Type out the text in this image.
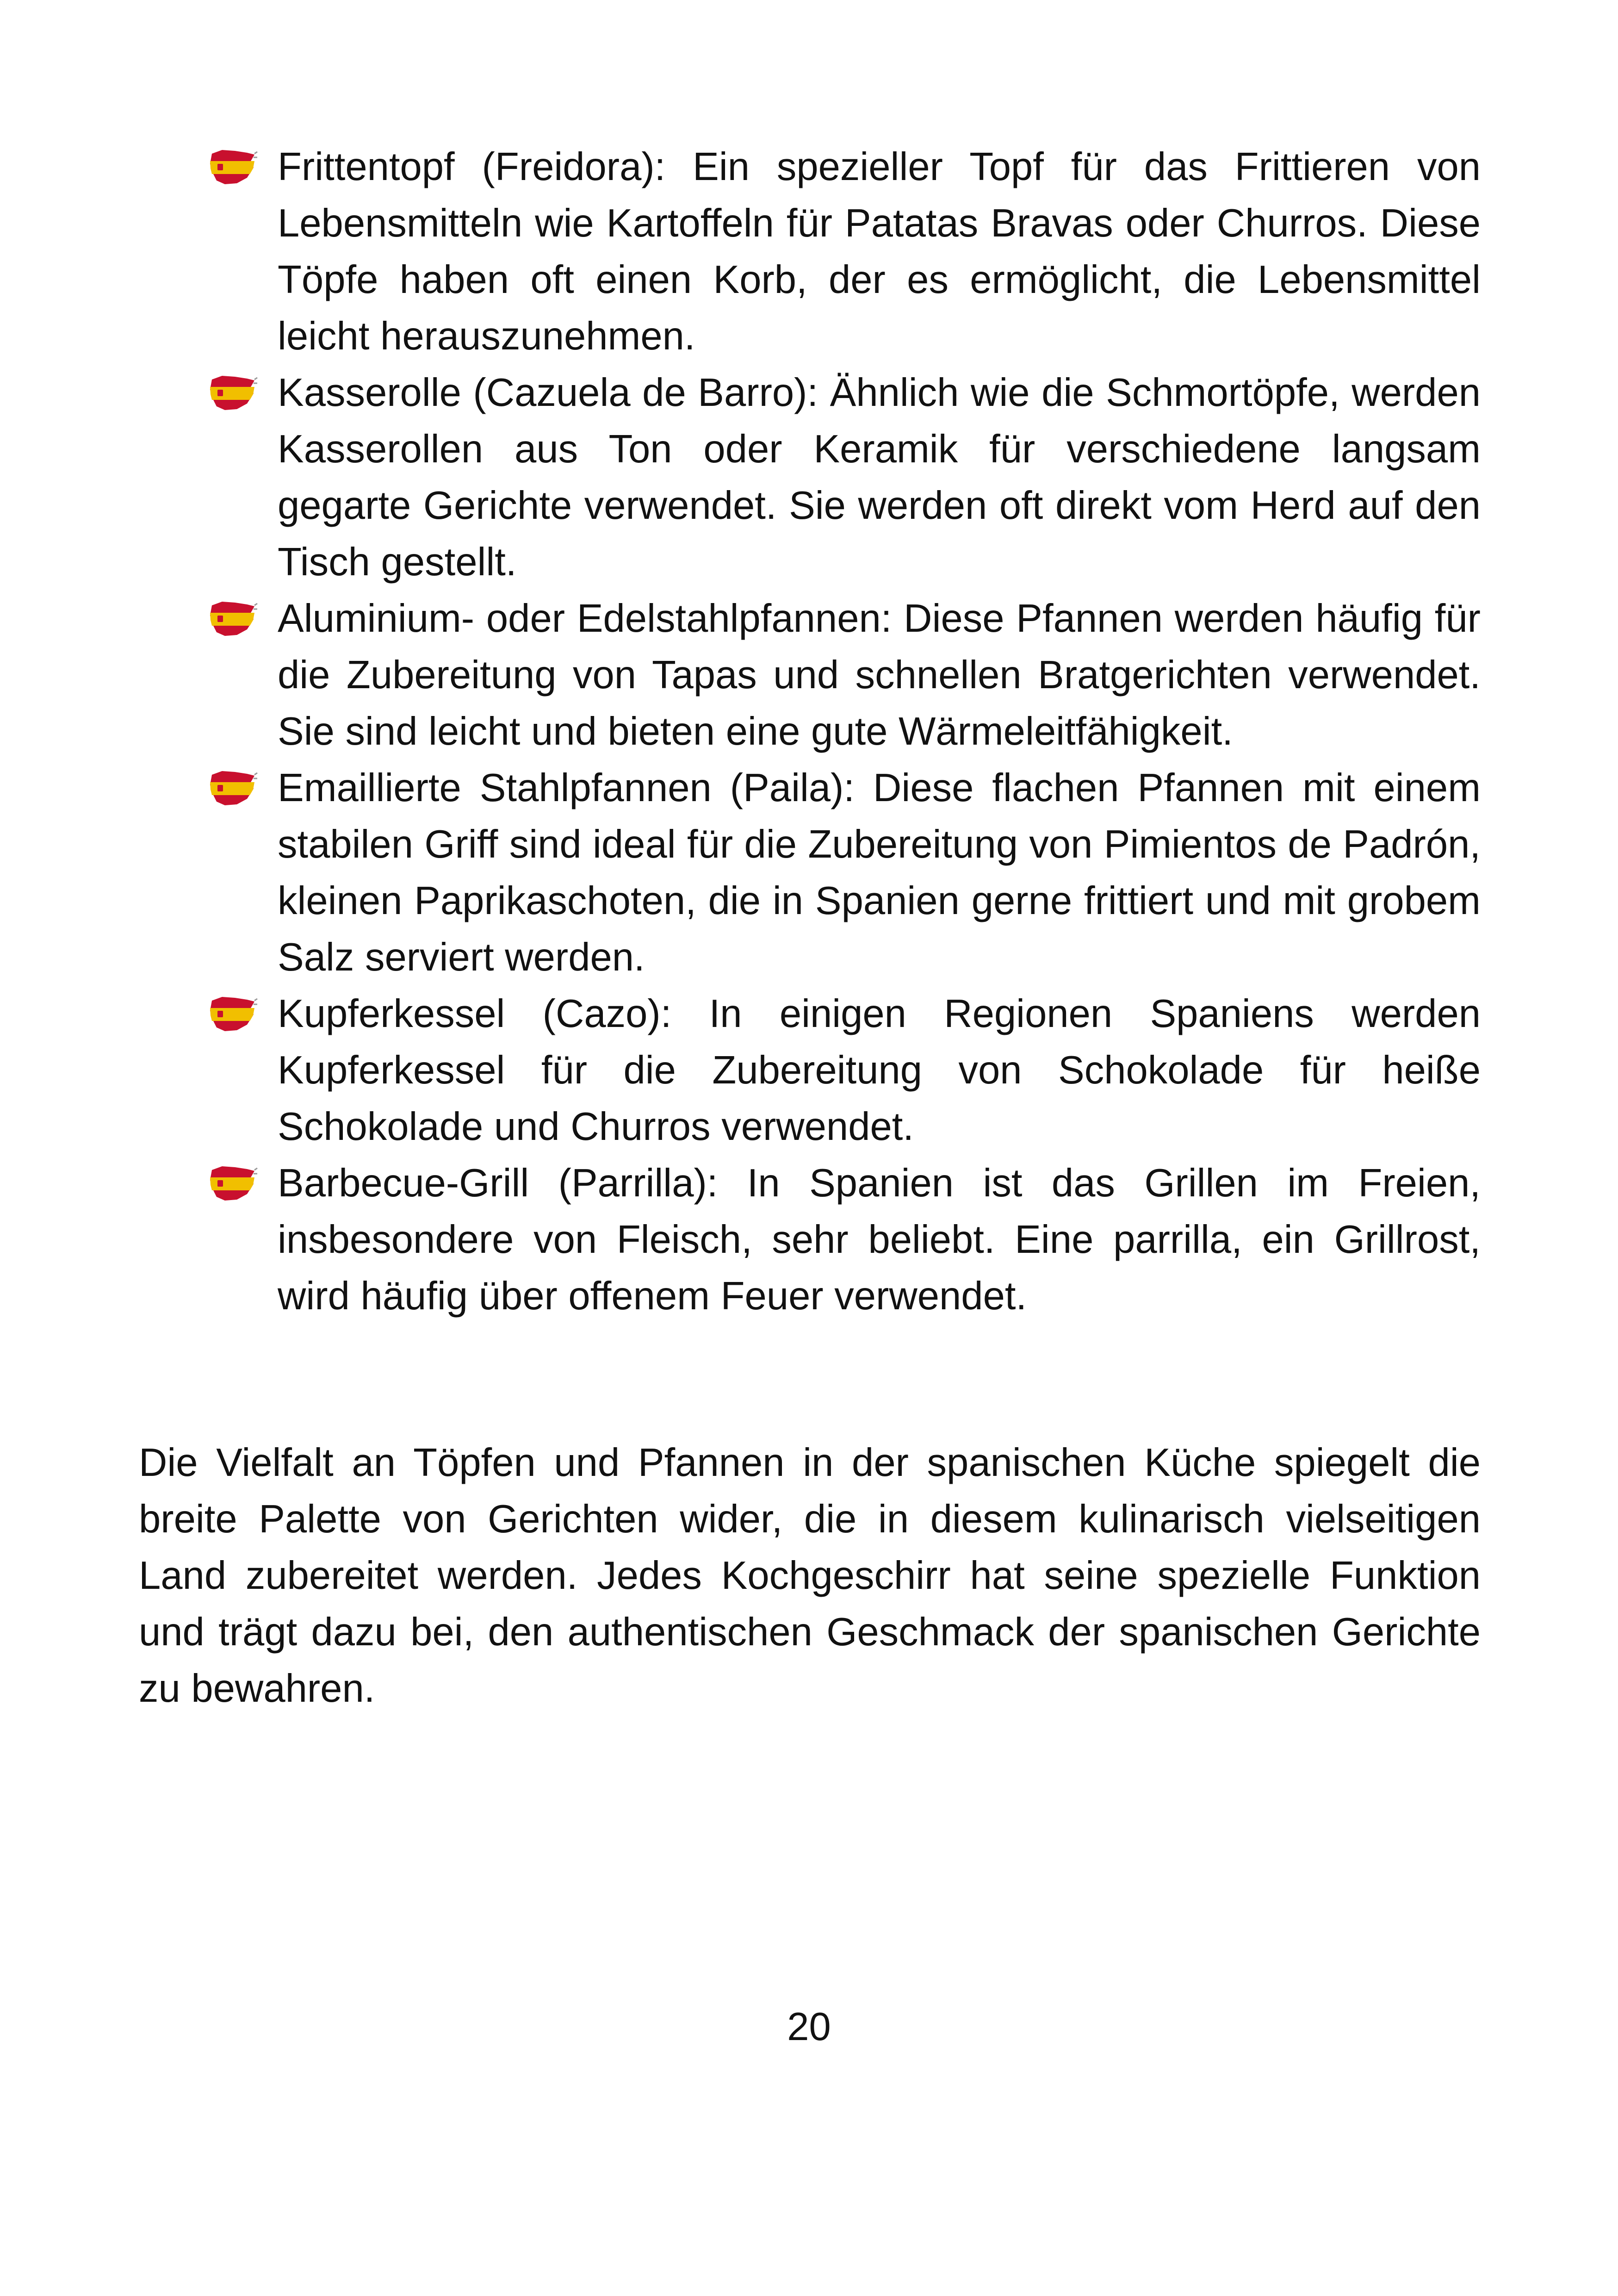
Frittentopf (Freidora): Ein spezieller Topf für das Frittieren von Lebensmitteln wie Kartoffeln für Patatas Bravas oder Churros. Diese Töpfe haben oft einen Korb, der es ermöglicht, die Lebensmittel leicht herauszunehmen.
Kasserolle (Cazuela de Barro): Ähnlich wie die Schmortöpfe, werden Kasserollen aus Ton oder Keramik für verschiedene langsam gegarte Gerichte verwendet. Sie werden oft direkt vom Herd auf den Tisch gestellt.
Aluminium- oder Edelstahlpfannen: Diese Pfannen werden häufig für die Zubereitung von Tapas und schnellen Bratgerichten verwendet. Sie sind leicht und bieten eine gute Wärmeleitfähigkeit.
Emaillierte Stahlpfannen (Paila): Diese flachen Pfannen mit einem stabilen Griff sind ideal für die Zubereitung von Pimientos de Padrón, kleinen Paprikaschoten, die in Spanien gerne frittiert und mit grobem Salz serviert werden.
Kupferkessel (Cazo): In einigen Regionen Spaniens werden Kupferkessel für die Zubereitung von Schokolade für heiße Schokolade und Churros verwendet.
Barbecue-Grill (Parrilla): In Spanien ist das Grillen im Freien, insbesondere von Fleisch, sehr beliebt. Eine parrilla, ein Grillrost, wird häufig über offenem Feuer verwendet.

Die Vielfalt an Töpfen und Pfannen in der spanischen Küche spiegelt die breite Palette von Gerichten wider, die in diesem kulinarisch vielseitigen Land zubereitet werden. Jedes Kochgeschirr hat seine spezielle Funktion und trägt dazu bei, den authentischen Geschmack der spanischen Gerichte zu bewahren.

20
